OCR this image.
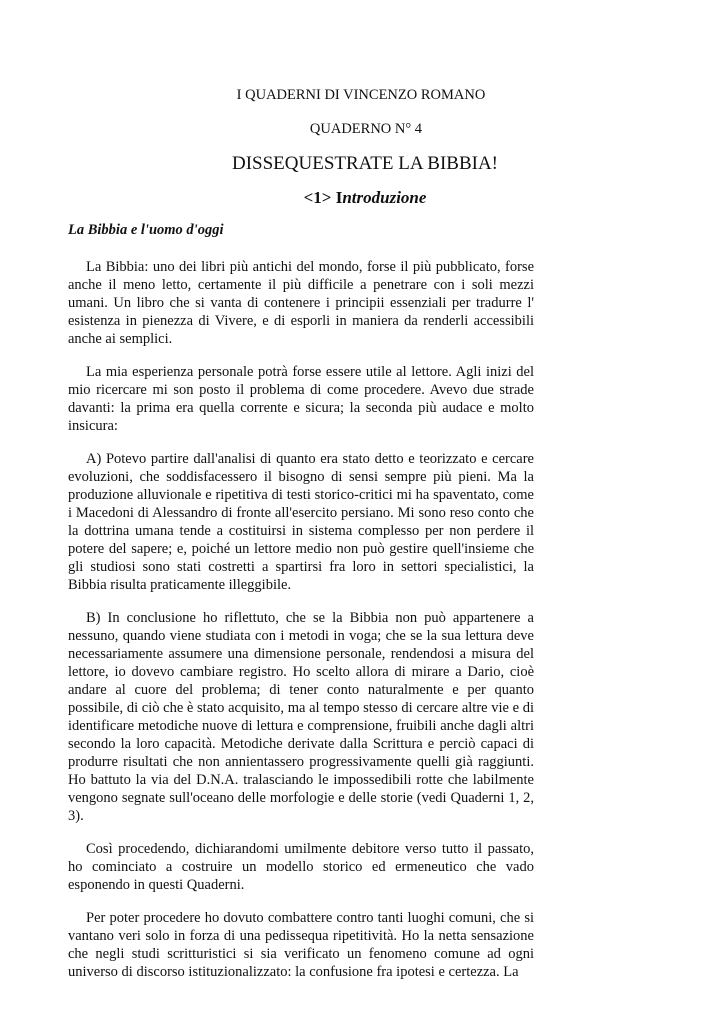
I QUADERNI DI VINCENZO ROMANO

QUADERNO N° 4

DISSEQUESTRATE LA BIBBIA!
<1> Introduzione
La Bibbia e l'uomo d'oggi

La Bibbia: uno dei libri più antichi del mondo, forse il più pubblicato, forse anche il meno letto, certamente il più difficile a penetrare con i soli mezzi umani. Un libro che si vanta di contenere i principii essenziali per tradurre l' esistenza in pienezza di Vivere, e di esporli in maniera da renderli accessibili anche ai semplici.

La mia esperienza personale potrà forse essere utile al lettore. Agli inizi del mio ricercare mi son posto il problema di come procedere. Avevo due strade davanti: la prima era quella corrente e sicura; la seconda più audace e molto insicura:

A) Potevo partire dall'analisi di quanto era stato detto e teorizzato e cercare evoluzioni, che soddisfacessero il bisogno di sensi sempre più pieni. Ma la produzione alluvionale e ripetitiva di testi storico-critici mi ha spaventato, come i Macedoni di Alessandro di fronte all'esercito persiano. Mi sono reso conto che la dottrina umana tende a costituirsi in sistema complesso per non perdere il potere del sapere; e, poiché un lettore medio non può gestire quell'insieme che gli studiosi sono stati costretti a spartirsi fra loro in settori specialistici, la Bibbia risulta praticamente illeggibile.

B) In conclusione ho riflettuto, che se la Bibbia non può appartenere a nessuno, quando viene studiata con i metodi in voga; che se la sua lettura deve necessariamente assumere una dimensione personale, rendendosi a misura del lettore, io dovevo cambiare registro. Ho scelto allora di mirare a Dario, cioè andare al cuore del problema; di tener conto naturalmente e per quanto possibile, di ciò che è stato acquisito, ma al tempo stesso di cercare altre vie e di identificare metodiche nuove di lettura e comprensione, fruibili anche dagli altri secondo la loro capacità. Metodiche derivate dalla Scrittura e perciò capaci di produrre risultati che non annientassero progressivamente quelli già raggiunti. Ho battuto la via del D.N.A. tralasciando le impossedibili rotte che labilmente vengono segnate sull'oceano delle morfologie e delle storie (vedi Quaderni 1, 2, 3).

Così procedendo, dichiarandomi umilmente debitore verso tutto il passato, ho cominciato a costruire un modello storico ed ermeneutico che vado esponendo in questi Quaderni.

Per poter procedere ho dovuto combattere contro tanti luoghi comuni, che si vantano veri solo in forza di una pedissequa ripetitività. Ho la netta sensazione che negli studi scritturistici si sia verificato un fenomeno comune ad ogni universo di discorso istituzionalizzato: la confusione fra ipotesi e certezza. La
